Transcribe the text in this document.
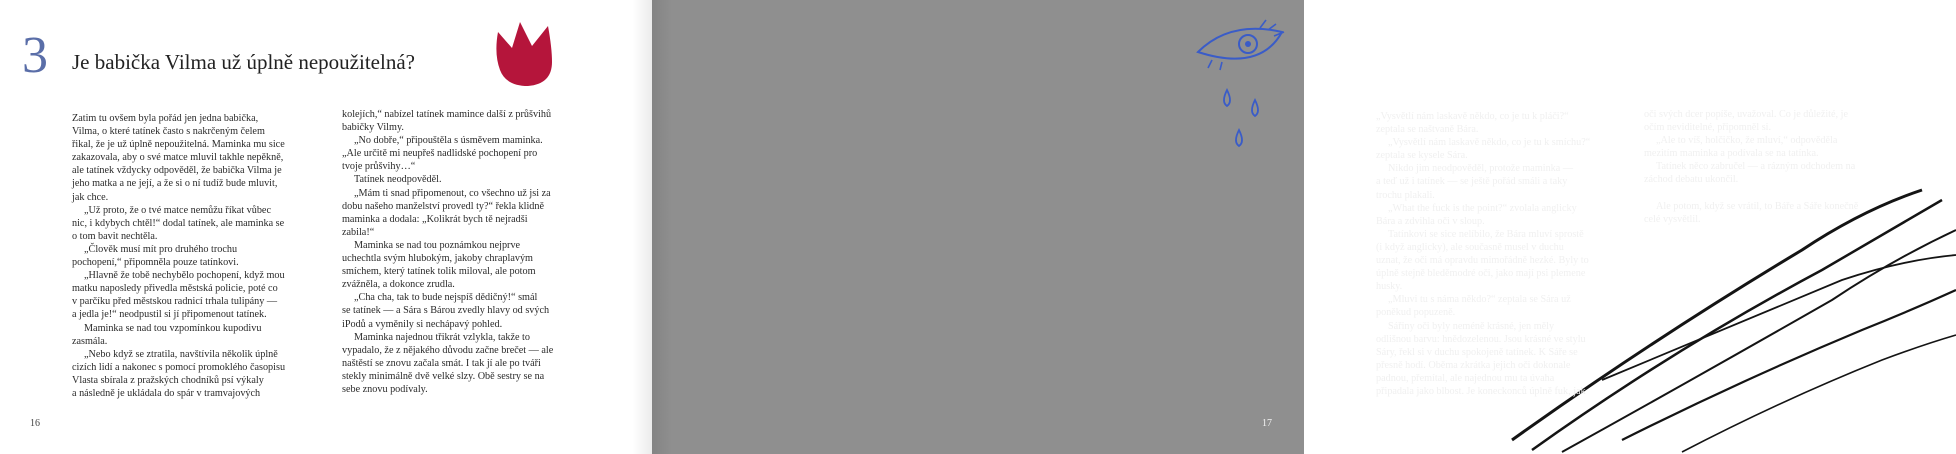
3 Je babička Vilma už úplně nepoužitelná?

Zatim tu ovšem byla pořád jen jedna babička,
Vilma, o které tatínek často s nakrčeným čelem
řikal, že je už úplně nepoužitelná. Maminka mu sice
zakazovala, aby o své matce mluvil takhle nepěkně,
ale tatínek vždycky odpověděl, že babička Vilma je
jeho matka a ne její, a že si o ní tudíž bude mluvit,
jak chce.

„Už proto, že o tvé matce nemůžu říkat vůbec
nic, i kdybych chtěl!“ dodal tatínek, ale maminka se
o tom bavit nechtěla.

„Člověk musí mít pro druhého trochu
pochopení,“ připomněla pouze tatínkovi.

„Hlavně že tobě nechybělo pochopení, když mou
matku naposledy přivedla městská policie, poté co
v parčíku před městskou radnicí trhala tulipány —
a jedla je!“ neodpustil si jí připomenout tatínek.

Maminka se nad tou vzpomínkou kupodivu
zasmála.

„Nebo když se ztratila, navštívila několik úplně
cizích lidí a nakonec s pomocí promoklého časopisu
Vlasta sbírala z pražských chodníků psí výkaly
a následně je ukládala do spár v tramvajových

kolejích,“ nabízel tatínek mamince další z průšvihů
babičky Vilmy.

„No dobře,“ připouštěla s úsměvem maminka.
„Ale určitě mi neupřeš nadlidské pochopení pro
tvoje průšvihy…“

Tatínek neodpověděl.

„Mám ti snad připomenout, co všechno už jsi za
dobu našeho manželství provedl ty?“ řekla klidně
maminka a dodala: „Kolikrát bych tě nejradši
zabila!“

Maminka se nad tou poznámkou nejprve
uchechtla svým hlubokým, jakoby chraplavým
smíchem, který tatínek tolik miloval, ale potom
zvážněla, a dokonce zrudla.

„Cha cha, tak to bude nejspíš dědičný!“ smál
se tatínek — a Sára s Bárou zvedly hlavy od svých
iPodů a vyměnily si nechápavý pohled.

Maminka najednou třikrát vzlykla, takže to
vypadalo, že z nějakého důvodu začne brečet — ale
naštěstí se znovu začala smát. I tak jí ale po tváři
stekly minimálně dvě velké slzy. Obě sestry se na
sebe znovu podívaly.

16

„Vysvětlí nám laskavě někdo, co je tu k pláči?“
zeptala se naštvaně Bára.

„Vysvětlí nám laskavě někdo, co je tu k smíchu?“
zeptala se kysele Sára.

Nikdo jim neodpověděl, protože maminka —
a teď už i tatínek — se ještě pořád smáli a taky
trochu plakali.

„What the fuck is the point?“ zvolala anglicky
Bára a zdvihla oči v sloup.

Tatínkovi se sice nelíbilo, že Bára mluví sprostě
(i když anglicky), ale současně musel v duchu
uznat, že oči má opravdu mimořádně hezké. Byly to
úplně stejně bleděmodré oči, jako mají psi plemene
husky.

„Mluvi tu s náma někdo?“ zeptala se Sára už
poněkud popuzeně.

Sářiny oči byly neméně krásné, jen měly
odlišnou barvu: hnědozelenou. Jsou krásné ve stylu
Sáry, řekl si v duchu spokojeně tatínek. K Sáře se
přesně hodí. Oběma zkrátka jejich oči dokonale
padnou, přemítal, ale najednou mu ta úvaha
připadala jako blbost. Je koneckonců úplně fuk, jak

oči svých dcer popíše, uvažoval. Co je důležité, je
očím neviditelné, připomněl si.

„Ale to víš, holčičko, že mluví,“ odpověděla
mezitím maminka a podívala se na tatínka.

Tatínek něco zabručel — a rázným odchodem na
záchod debatu ukončil.

Ale potom, když se vrátil, to Báře a Sáře konečně
celé vysvětlil.

17
